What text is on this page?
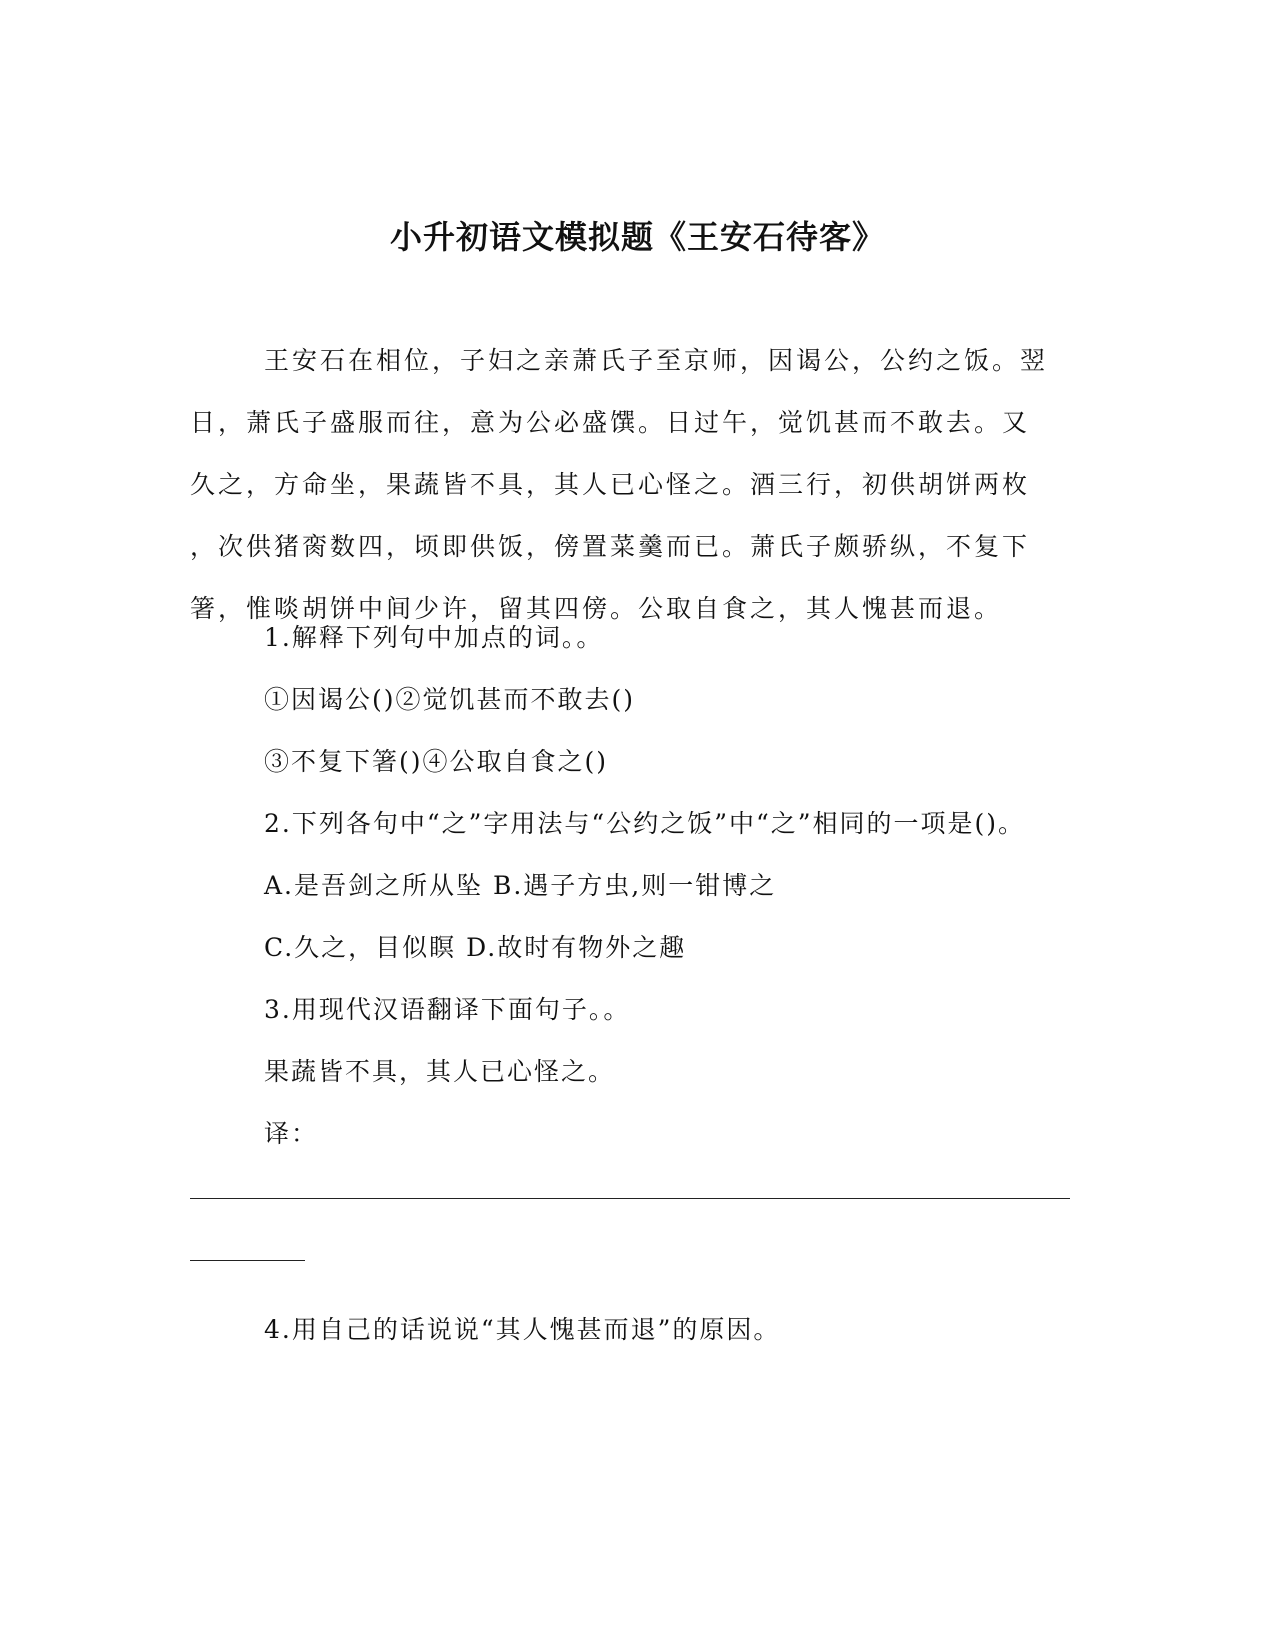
小升初语文模拟题《王安石待客》
王安石在相位，子妇之亲萧氏子至京师，因谒公，公约之饭。翌
日，萧氏子盛服而往，意为公必盛馔。日过午，觉饥甚而不敢去。又
久之，方命坐，果蔬皆不具，其人已心怪之。酒三行，初供胡饼两枚
，次供猪脔数四，顷即供饭，傍置菜羹而已。萧氏子颇骄纵，不复下
箸，惟啖胡饼中间少许，留其四傍。公取自食之，其人愧甚而退。
1.解释下列句中加点的词。。
①因谒公()②觉饥甚而不敢去()
③不复下箸()④公取自食之()
2.下列各句中“之”字用法与“公约之饭”中“之”相同的一项是()。
A.是吾剑之所从坠 B.遇子方虫,则一钳博之
C.久之，目似瞑 D.故时有物外之趣
3.用现代汉语翻译下面句子。。
果蔬皆不具，其人已心怪之。
译：
4.用自己的话说说“其人愧甚而退”的原因。
